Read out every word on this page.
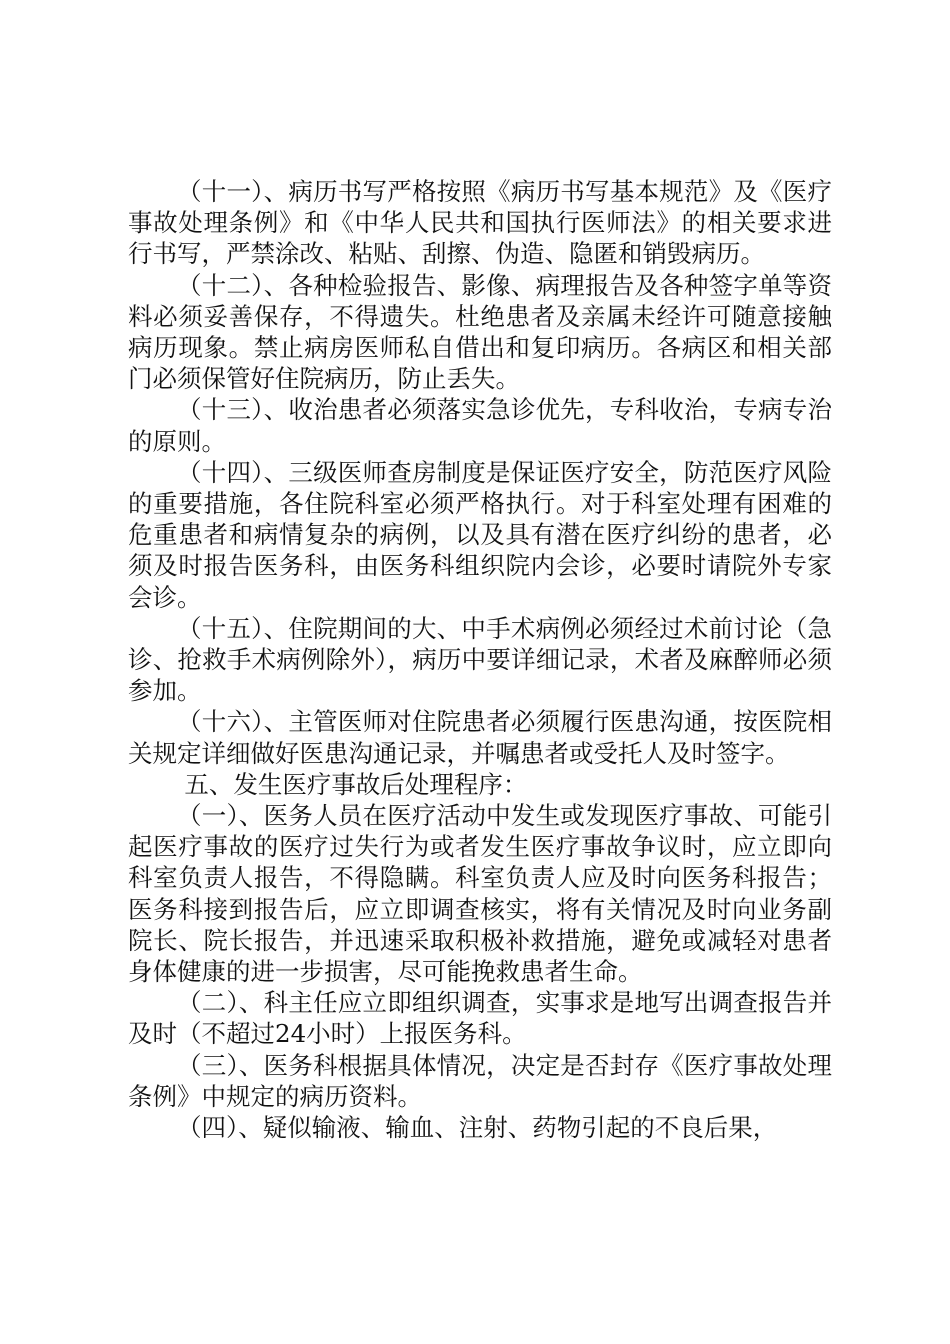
（十一）、病历书写严格按照《病历书写基本规范》及《医疗事故处理条例》和《中华人民共和国执行医师法》的相关要求进行书写，严禁涂改、粘贴、刮擦、伪造、隐匿和销毁病历。

（十二）、各种检验报告、影像、病理报告及各种签字单等资料必须妥善保存，不得遗失。杜绝患者及亲属未经许可随意接触病历现象。禁止病房医师私自借出和复印病历。各病区和相关部门必须保管好住院病历，防止丢失。

（十三）、收治患者必须落实急诊优先，专科收治，专病专治的原则。

（十四）、三级医师查房制度是保证医疗安全，防范医疗风险的重要措施，各住院科室必须严格执行。对于科室处理有困难的危重患者和病情复杂的病例，以及具有潜在医疗纠纷的患者，必须及时报告医务科，由医务科组织院内会诊，必要时请院外专家会诊。

（十五）、住院期间的大、中手术病例必须经过术前讨论（急诊、抢救手术病例除外），病历中要详细记录，术者及麻醉师必须参加。

（十六）、主管医师对住院患者必须履行医患沟通，按医院相关规定详细做好医患沟通记录，并嘱患者或受托人及时签字。

五、发生医疗事故后处理程序：

（一）、医务人员在医疗活动中发生或发现医疗事故、可能引起医疗事故的医疗过失行为或者发生医疗事故争议时，应立即向科室负责人报告，不得隐瞒。科室负责人应及时向医务科报告；医务科接到报告后，应立即调查核实，将有关情况及时向业务副院长、院长报告，并迅速采取积极补救措施，避免或减轻对患者身体健康的进一步损害，尽可能挽救患者生命。

（二）、科主任应立即组织调查，实事求是地写出调查报告并及时（不超过24小时）上报医务科。

（三）、医务科根据具体情况，决定是否封存《医疗事故处理条例》中规定的病历资料。

（四）、疑似输液、输血、注射、药物引起的不良后果，
